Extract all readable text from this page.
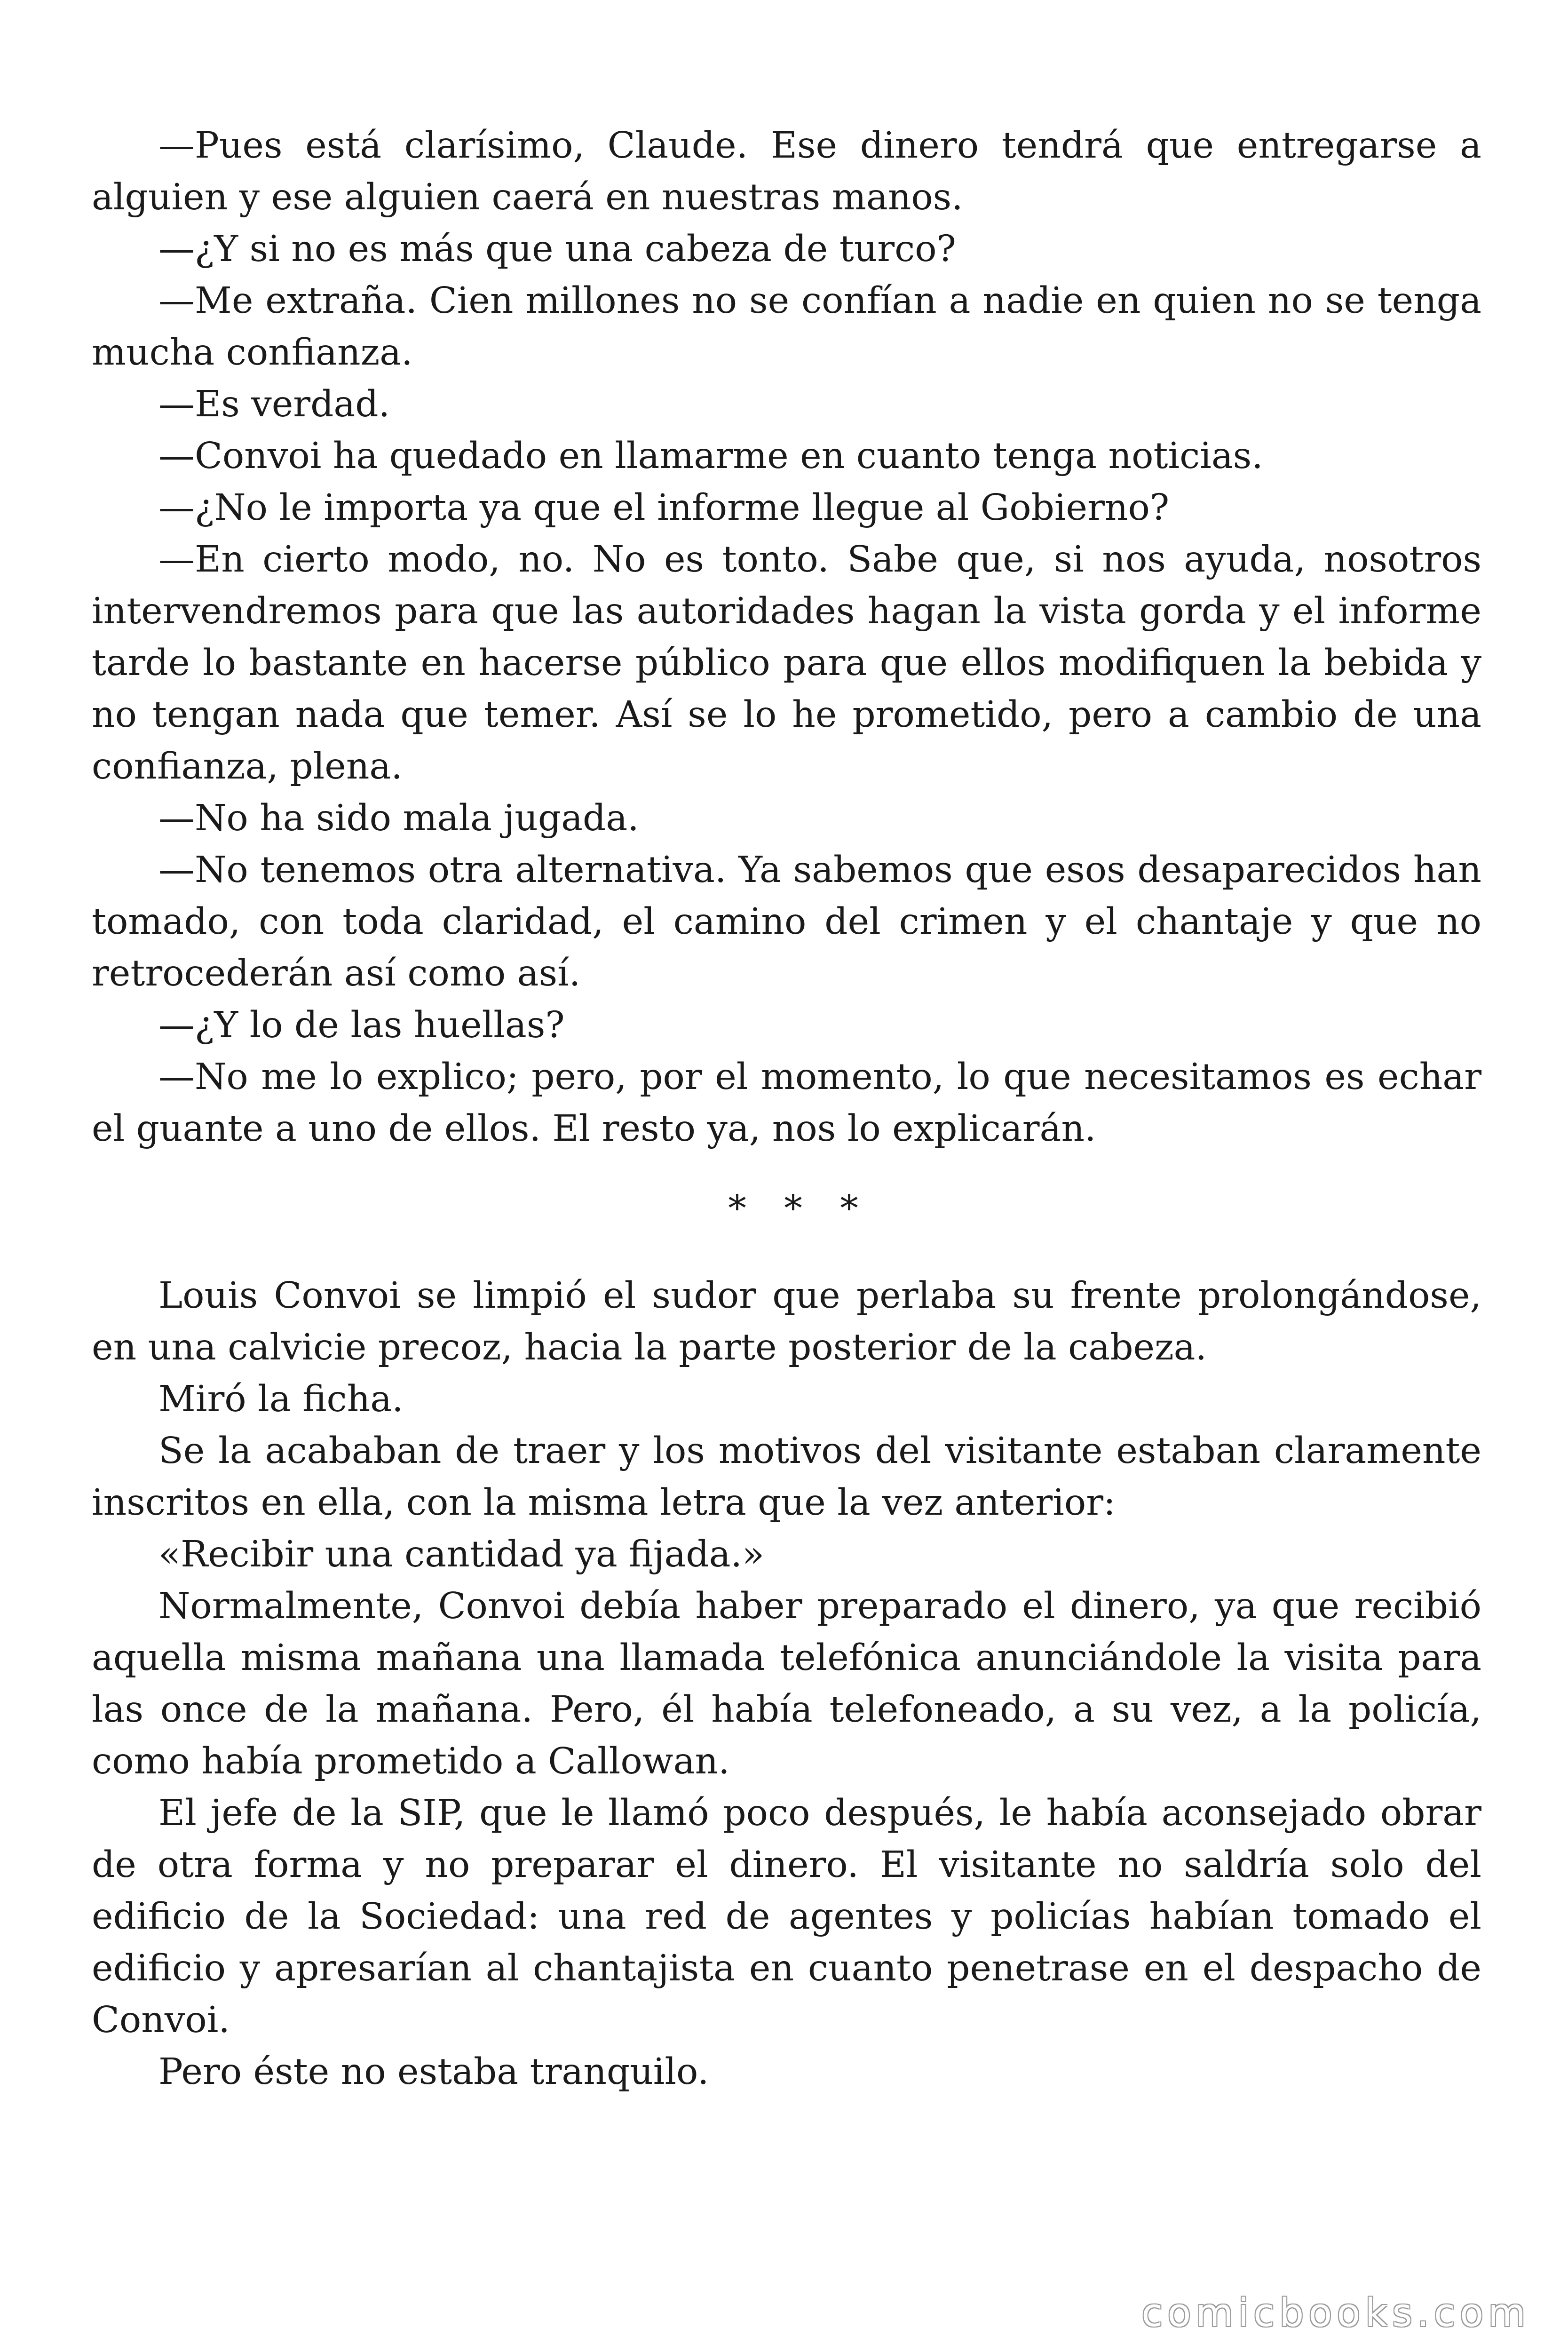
—Pues está clarísimo, Claude. Ese dinero tendrá que entregarse a alguien y ese alguien caerá en nuestras manos.

—¿Y si no es más que una cabeza de turco?

—Me extraña. Cien millones no se confían a nadie en quien no se tenga mucha confianza.

—Es verdad.

—Convoi ha quedado en llamarme en cuanto tenga noticias.

—¿No le importa ya que el informe llegue al Gobierno?

—En cierto modo, no. No es tonto. Sabe que, si nos ayuda, nosotros intervendremos para que las autoridades hagan la vista gorda y el informe tarde lo bastante en hacerse público para que ellos modifiquen la bebida y no tengan nada que temer. Así se lo he prometido, pero a cambio de una confianza, plena.

—No ha sido mala jugada.

—No tenemos otra alternativa. Ya sabemos que esos desaparecidos han tomado, con toda claridad, el camino del crimen y el chantaje y que no retrocederán así como así.

—¿Y lo de las huellas?

—No me lo explico; pero, por el momento, lo que necesitamos es echar el guante a uno de ellos. El resto ya, nos lo explicarán.

* * *

Louis Convoi se limpió el sudor que perlaba su frente prolongándose, en una calvicie precoz, hacia la parte posterior de la cabeza.

Miró la ficha.

Se la acababan de traer y los motivos del visitante estaban claramente inscritos en ella, con la misma letra que la vez anterior:

«Recibir una cantidad ya fijada.»

Normalmente, Convoi debía haber preparado el dinero, ya que recibió aquella misma mañana una llamada telefónica anunciándole la visita para las once de la mañana. Pero, él había telefoneado, a su vez, a la policía, como había prometido a Callowan.

El jefe de la SIP, que le llamó poco después, le había aconsejado obrar de otra forma y no preparar el dinero. El visitante no saldría solo del edificio de la Sociedad: una red de agentes y policías habían tomado el edificio y apresarían al chantajista en cuanto penetrase en el despacho de Convoi.

Pero éste no estaba tranquilo.

comicbooks.com
